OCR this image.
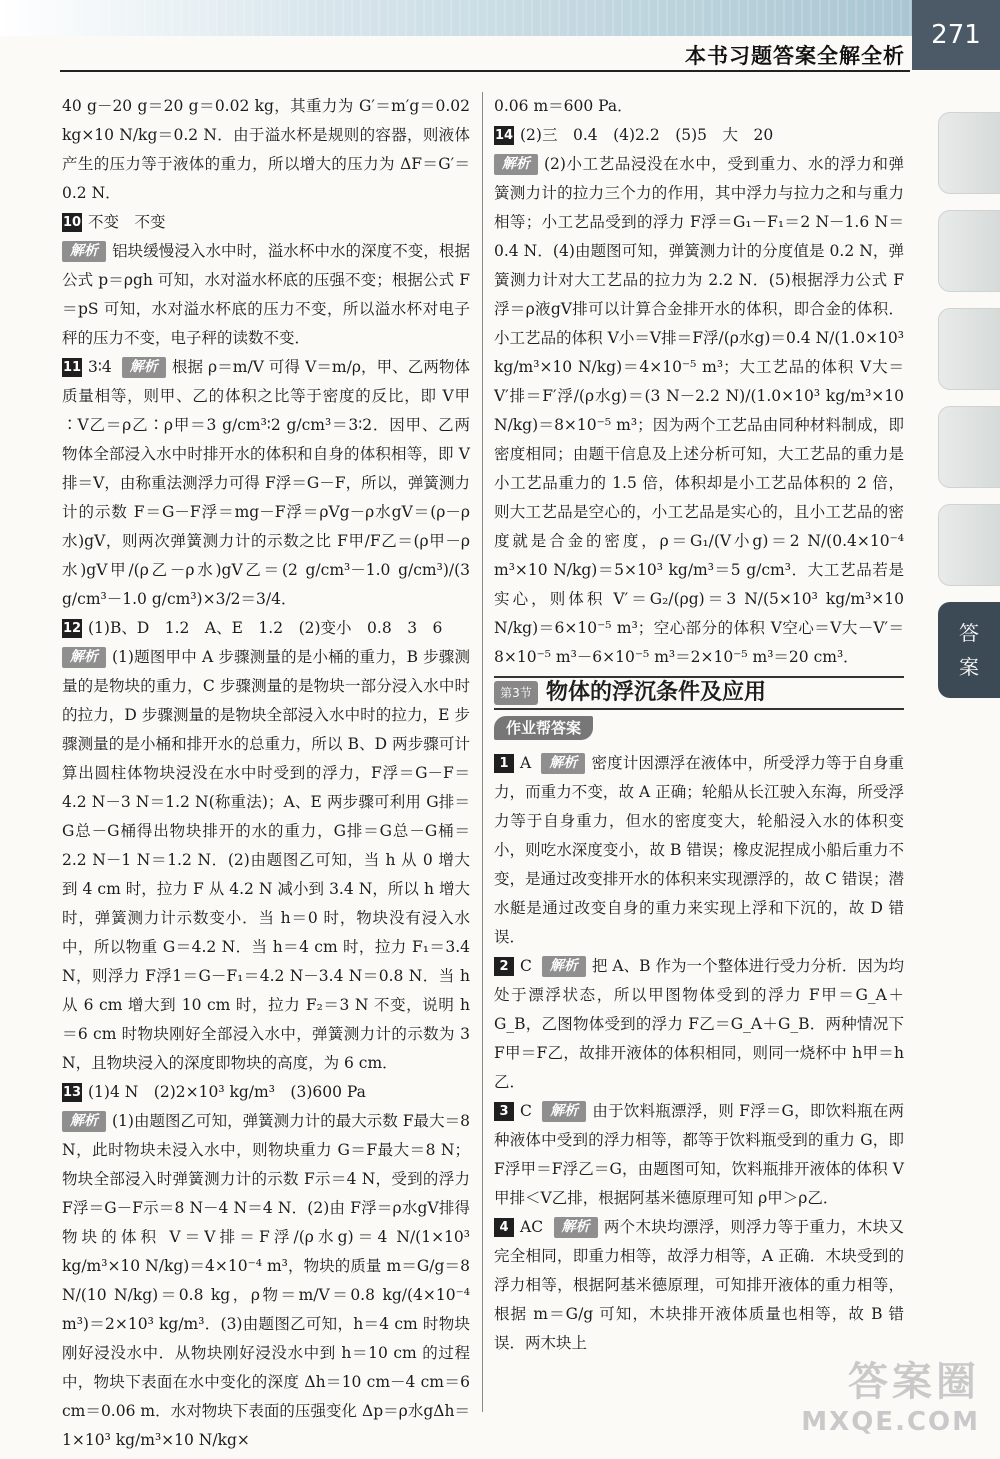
本书习题答案全解全析
271
答
案

40 g－20 g＝20 g＝0.02 kg，其重力为 G′＝m′g＝0.02 kg×10 N/kg＝0.2 N．由于溢水杯是规则的容器，则液体产生的压力等于液体的重力，所以增大的压力为 ΔF＝G′＝0.2 N．

10 不变　不变

解析 铝块缓慢浸入水中时，溢水杯中水的深度不变，根据公式 p＝ρgh 可知，水对溢水杯底的压强不变；根据公式 F＝pS 可知，水对溢水杯底的压力不变，所以溢水杯对电子秤的压力不变，电子秤的读数不变．

11 3∶4 解析 根据 ρ＝m/V 可得 V＝m/ρ，甲、乙两物体质量相等，则甲、乙的体积之比等于密度的反比，即 V甲∶V乙＝ρ乙∶ρ甲＝3 g/cm³∶2 g/cm³＝3∶2．因甲、乙两物体全部浸入水中时排开水的体积和自身的体积相等，即 V排＝V，由称重法测浮力可得 F浮＝G－F，所以，弹簧测力计的示数 F＝G－F浮＝mg－F浮＝ρVg－ρ水gV＝(ρ－ρ水)gV，则两次弹簧测力计的示数之比 F甲/F乙＝(ρ甲－ρ水)gV甲/(ρ乙－ρ水)gV乙＝(2 g/cm³－1.0 g/cm³)/(3 g/cm³－1.0 g/cm³)×3/2＝3/4．

12 (1)B、D　1.2　A、E　1.2　(2)变小　0.8　3　6

解析 (1)题图甲中 A 步骤测量的是小桶的重力，B 步骤测量的是物块的重力，C 步骤测量的是物块一部分浸入水中时的拉力，D 步骤测量的是物块全部浸入水中时的拉力，E 步骤测量的是小桶和排开水的总重力，所以 B、D 两步骤可计算出圆柱体物块浸没在水中时受到的浮力，F浮＝G－F＝4.2 N－3 N＝1.2 N(称重法)；A、E 两步骤可利用 G排＝G总－G桶得出物块排开的水的重力，G排＝G总－G桶＝2.2 N－1 N＝1.2 N．(2)由题图乙可知，当 h 从 0 增大到 4 cm 时，拉力 F 从 4.2 N 减小到 3.4 N，所以 h 增大时，弹簧测力计示数变小．当 h＝0 时，物块没有浸入水中，所以物重 G＝4.2 N．当 h＝4 cm 时，拉力 F₁＝3.4 N，则浮力 F浮1＝G－F₁＝4.2 N－3.4 N＝0.8 N．当 h 从 6 cm 增大到 10 cm 时，拉力 F₂＝3 N 不变，说明 h＝6 cm 时物块刚好全部浸入水中，弹簧测力计的示数为 3 N，且物块浸入的深度即物块的高度，为 6 cm．

13 (1)4 N　(2)2×10³ kg/m³　(3)600 Pa

解析 (1)由题图乙可知，弹簧测力计的最大示数 F最大＝8 N，此时物块未浸入水中，则物块重力 G＝F最大＝8 N；物块全部浸入时弹簧测力计的示数 F示＝4 N，受到的浮力 F浮＝G－F示＝8 N－4 N＝4 N．(2)由 F浮＝ρ水gV排得物块的体积 V＝V排＝F浮/(ρ水g)＝4 N/(1×10³ kg/m³×10 N/kg)＝4×10⁻⁴ m³，物块的质量 m＝G/g＝8 N/(10 N/kg)＝0.8 kg，ρ物＝m/V＝0.8 kg/(4×10⁻⁴ m³)＝2×10³ kg/m³．(3)由题图乙可知，h＝4 cm 时物块刚好浸没水中．从物块刚好浸没水中到 h＝10 cm 的过程中，物块下表面在水中变化的深度 Δh＝10 cm－4 cm＝6 cm＝0.06 m．水对物块下表面的压强变化 Δp＝ρ水gΔh＝1×10³ kg/m³×10 N/kg×

0.06 m＝600 Pa．

14 (2)三　0.4　(4)2.2　(5)5　大　20

解析 (2)小工艺品浸没在水中，受到重力、水的浮力和弹簧测力计的拉力三个力的作用，其中浮力与拉力之和与重力相等；小工艺品受到的浮力 F浮＝G₁－F₁＝2 N－1.6 N＝0.4 N．(4)由题图可知，弹簧测力计的分度值是 0.2 N，弹簧测力计对大工艺品的拉力为 2.2 N．(5)根据浮力公式 F浮＝ρ液gV排可以计算合金排开水的体积，即合金的体积．小工艺品的体积 V小＝V排＝F浮/(ρ水g)＝0.4 N/(1.0×10³ kg/m³×10 N/kg)＝4×10⁻⁵ m³；大工艺品的体积 V大＝V′排＝F′浮/(ρ水g)＝(3 N－2.2 N)/(1.0×10³ kg/m³×10 N/kg)＝8×10⁻⁵ m³；因为两个工艺品由同种材料制成，即密度相同；由题干信息及上述分析可知，大工艺品的重力是小工艺品重力的 1.5 倍，体积却是小工艺品体积的 2 倍，则大工艺品是空心的，小工艺品是实心的，且小工艺品的密度就是合金的密度，ρ＝G₁/(V小g)＝2 N/(0.4×10⁻⁴ m³×10 N/kg)＝5×10³ kg/m³＝5 g/cm³．大工艺品若是实心，则体积 V′＝G₂/(ρg)＝3 N/(5×10³ kg/m³×10 N/kg)＝6×10⁻⁵ m³；空心部分的体积 V空心＝V大－V′＝8×10⁻⁵ m³－6×10⁻⁵ m³＝2×10⁻⁵ m³＝20 cm³．

第3节 物体的浮沉条件及应用
作业帮答案

1 A 解析 密度计因漂浮在液体中，所受浮力等于自身重力，而重力不变，故 A 正确；轮船从长江驶入东海，所受浮力等于自身重力，但水的密度变大，轮船浸入水的体积变小，则吃水深度变小，故 B 错误；橡皮泥捏成小船后重力不变，是通过改变排开水的体积来实现漂浮的，故 C 错误；潜水艇是通过改变自身的重力来实现上浮和下沉的，故 D 错误．

2 C 解析 把 A、B 作为一个整体进行受力分析．因为均处于漂浮状态，所以甲图物体受到的浮力 F甲＝G_A＋G_B，乙图物体受到的浮力 F乙＝G_A＋G_B．两种情况下 F甲＝F乙，故排开液体的体积相同，则同一烧杯中 h甲＝h乙．

3 C 解析 由于饮料瓶漂浮，则 F浮＝G，即饮料瓶在两种液体中受到的浮力相等，都等于饮料瓶受到的重力 G，即 F浮甲＝F浮乙＝G，由题图可知，饮料瓶排开液体的体积 V甲排＜V乙排，根据阿基米德原理可知 ρ甲＞ρ乙．

4 AC 解析 两个木块均漂浮，则浮力等于重力，木块又完全相同，即重力相等，故浮力相等，A 正确．木块受到的浮力相等，根据阿基米德原理，可知排开液体的重力相等，根据 m＝G/g 可知，木块排开液体质量也相等，故 B 错误．两木块上

答案圈
MXQE.COM
